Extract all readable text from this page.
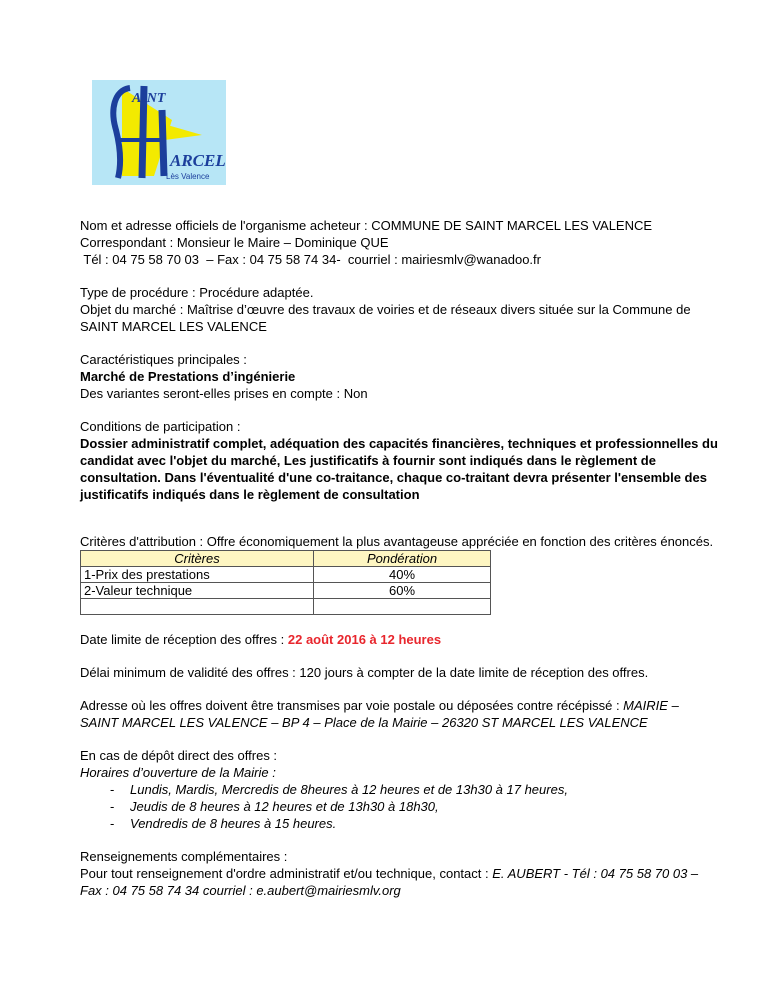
AINT
ARCEL
Lès Valence

Nom et adresse officiels de l'organisme acheteur : COMMUNE DE SAINT MARCEL LES VALENCE

Correspondant : Monsieur le Maire – Dominique QUE

Tél : 04 75 58 70 03  – Fax : 04 75 58 74 34-  courriel : mairiesmlv@wanadoo.fr

Type de procédure : Procédure adaptée.

Objet du marché : Maîtrise d’œuvre des travaux de voiries et de réseaux divers située sur la Commune de SAINT MARCEL LES VALENCE

Caractéristiques principales :

Marché de Prestations d’ingénierie

Des variantes seront-elles prises en compte : Non

Conditions de participation :

Dossier administratif complet, adéquation des capacités financières, techniques et professionnelles du candidat avec l'objet du marché, Les justificatifs à fournir sont indiqués dans le règlement de consultation. Dans l'éventualité d'une co-traitance, chaque co-traitant devra présenter l'ensemble des justificatifs indiqués dans le règlement de consultation

Critères d'attribution : Offre économiquement la plus avantageuse appréciée en fonction des critères énoncés.

Critères	Pondération
1-Prix des prestations	40%
2-Valeur technique	60%

Date limite de réception des offres : 22 août 2016 à 12 heures

Délai minimum de validité des offres : 120 jours à compter de la date limite de réception des offres.

Adresse où les offres doivent être transmises par voie postale ou déposées contre récépissé : MAIRIE – SAINT MARCEL LES VALENCE – BP 4 – Place de la Mairie – 26320 ST MARCEL LES VALENCE

En cas de dépôt direct des offres :

Horaires d’ouverture de la Mairie :

- Lundis, Mardis, Mercredis de 8heures à 12 heures et de 13h30 à 17 heures,
- Jeudis de 8 heures à 12 heures et de 13h30 à 18h30,
- Vendredis de 8 heures à 15 heures.

Renseignements complémentaires :

Pour tout renseignement d'ordre administratif et/ou technique, contact : E. AUBERT - Tél : 04 75 58 70 03 – Fax : 04 75 58 74 34 courriel : e.aubert@mairiesmlv.org
